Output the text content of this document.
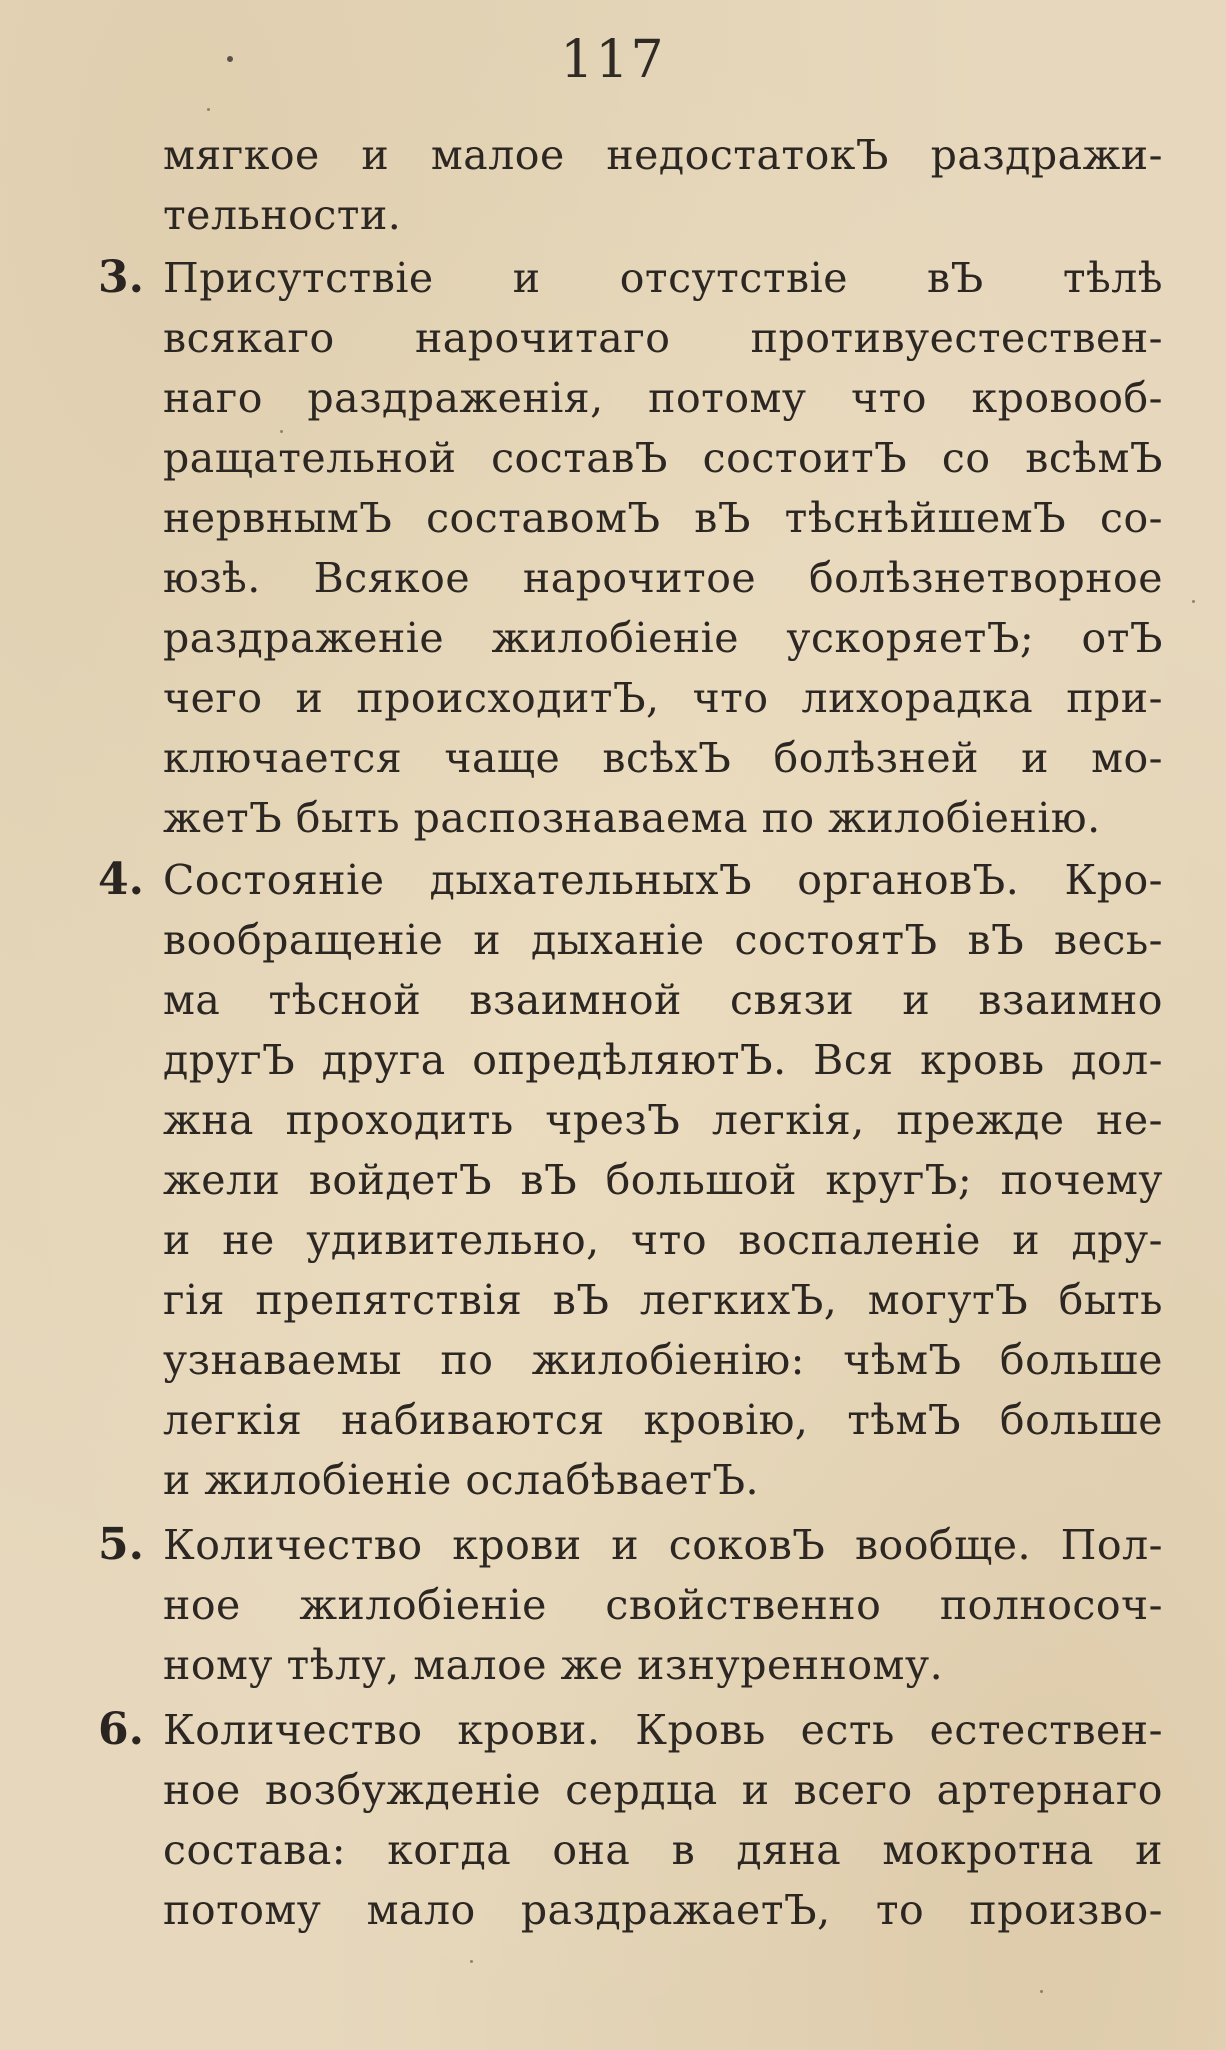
117
мягкое и малое недостатокЪ раздражи-
тельности.
3. Присутствіе и отсутствіе вЪ тѣлѣ
всякаго нарочитаго противуестествен-
наго раздраженія, потому что кровооб-
ращательной составЪ состоитЪ со всѣмЪ
нервнымЪ составомЪ вЪ тѣснѣйшемЪ со-
юзѣ. Всякое нарочитое болѣзнетворное
раздраженіе жилобіеніе ускоряетЪ; отЪ
чего и происходитЪ, что лихорадка при-
ключается чаще всѣхЪ болѣзней и мо-
жетЪ быть распознаваема по жилобіенію.
4. Состояніе дыхательныхЪ органовЪ. Кро-
вообращеніе и дыханіе состоятЪ вЪ весь-
ма тѣсной взаимной связи и взаимно
другЪ друга опредѣляютЪ. Вся кровь дол-
жна проходить чрезЪ легкія, прежде не-
жели войдетЪ вЪ большой кругЪ; почему
и не удивительно, что воспаленіе и дру-
гія препятствія вЪ легкихЪ, могутЪ быть
узнаваемы по жилобіенію: чѣмЪ больше
легкія набиваются кровію, тѣмЪ больше
и жилобіеніе ослабѣваетЪ.
5. Количество крови и соковЪ вообще. Пол-
ное жилобіеніе свойственно полносоч-
ному тѣлу, малое же изнуренному.
6. Количество крови. Кровь есть естествен-
ное возбужденіе сердца и всего артернаго
состава: когда она в дяна мокротна и
потому мало раздражаетЪ, то произво-
